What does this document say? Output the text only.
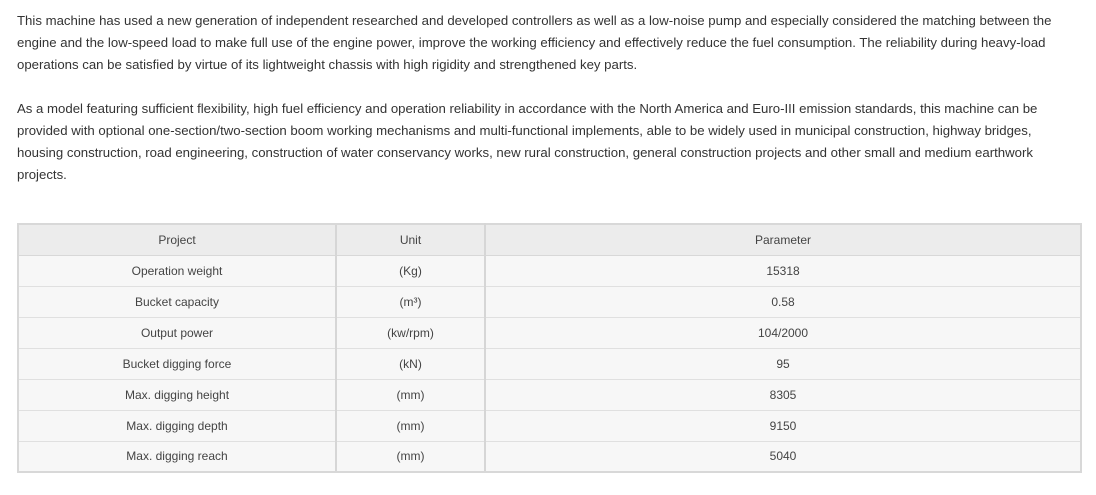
This machine has used a new generation of independent researched and developed controllers as well as a low-noise pump and especially considered the matching between the engine and the low-speed load to make full use of the engine power, improve the working efficiency and effectively reduce the fuel consumption. The reliability during heavy-load operations can be satisfied by virtue of its lightweight chassis with high rigidity and strengthened key parts.

As a model featuring sufficient flexibility, high fuel efficiency and operation reliability in accordance with the North America and Euro-III emission standards, this machine can be provided with optional one-section/two-section boom working mechanisms and multi-functional implements, able to be widely used in municipal construction, highway bridges, housing construction, road engineering, construction of water conservancy works, new rural construction, general construction projects and other small and medium earthwork projects.

Project	Unit	Parameter
Operation weight	(Kg)	15318
Bucket capacity	(m³)	0.58
Output power	(kw/rpm)	104/2000
Bucket digging force	(kN)	95
Max. digging height	(mm)	8305
Max. digging depth	(mm)	9150
Max. digging reach	(mm)	5040
